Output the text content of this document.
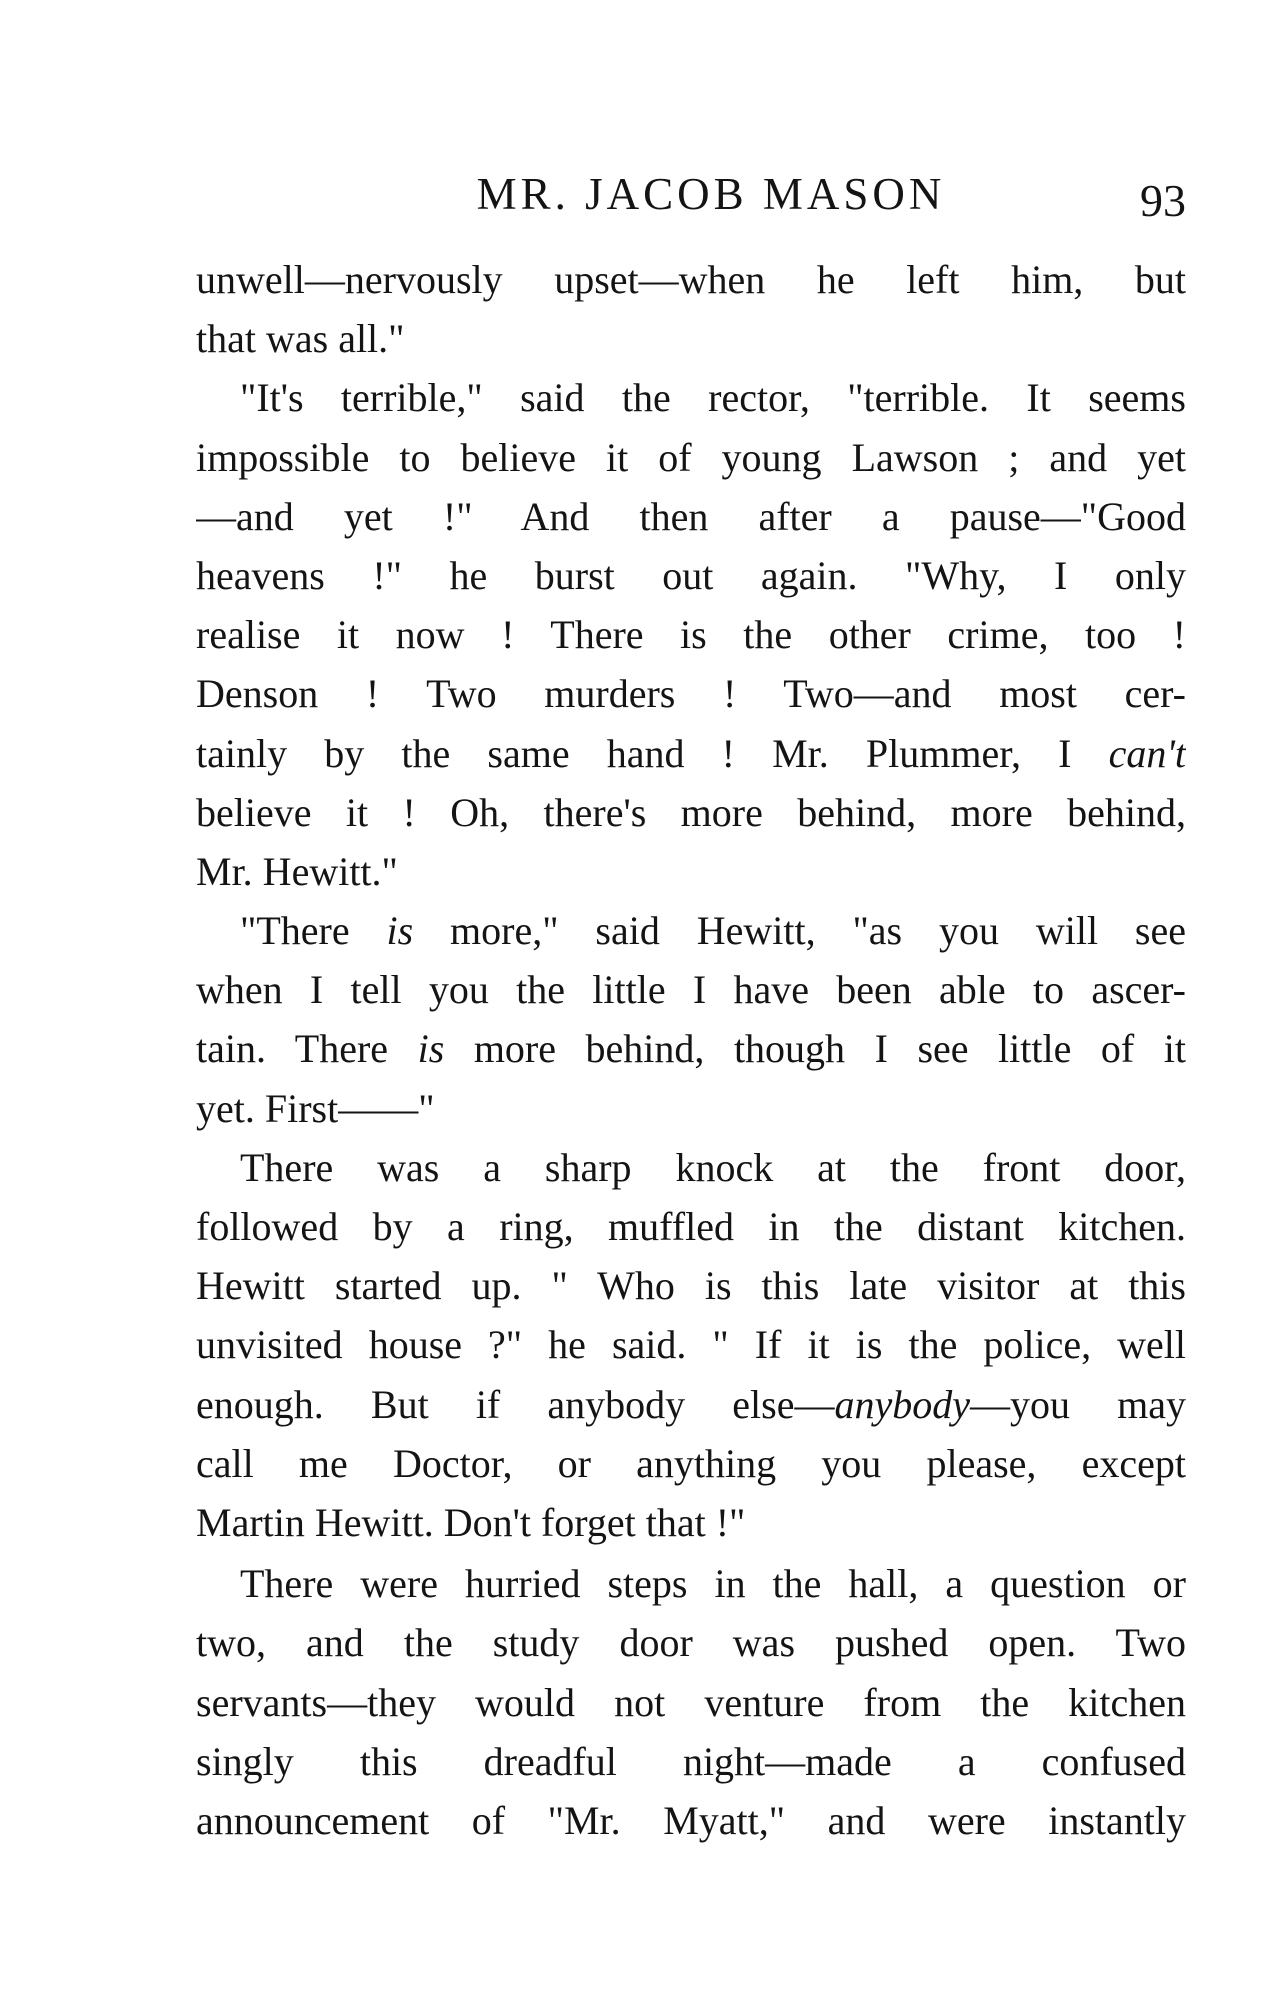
MR. JACOB MASON	93
unwell—nervously upset—when he left him, but
that was all."
"It's terrible," said the rector, "terrible. It seems
impossible to believe it of young Lawson ; and yet
—and yet !" And then after a pause—"Good
heavens !" he burst out again. "Why, I only
realise it now ! There is the other crime, too !
Denson ! Two murders ! Two—and most cer-
tainly by the same hand ! Mr. Plummer, I can't
believe it ! Oh, there's more behind, more behind,
Mr. Hewitt."
"There is more," said Hewitt, "as you will see
when I tell you the little I have been able to ascer-
tain. There is more behind, though I see little of it
yet. First——"
There was a sharp knock at the front door,
followed by a ring, muffled in the distant kitchen.
Hewitt started up. " Who is this late visitor at this
unvisited house ?" he said. " If it is the police, well
enough. But if anybody else—anybody—you may
call me Doctor, or anything you please, except
Martin Hewitt. Don't forget that !"
There were hurried steps in the hall, a question or
two, and the study door was pushed open. Two
servants—they would not venture from the kitchen
singly this dreadful night—made a confused
announcement of "Mr. Myatt," and were instantly
